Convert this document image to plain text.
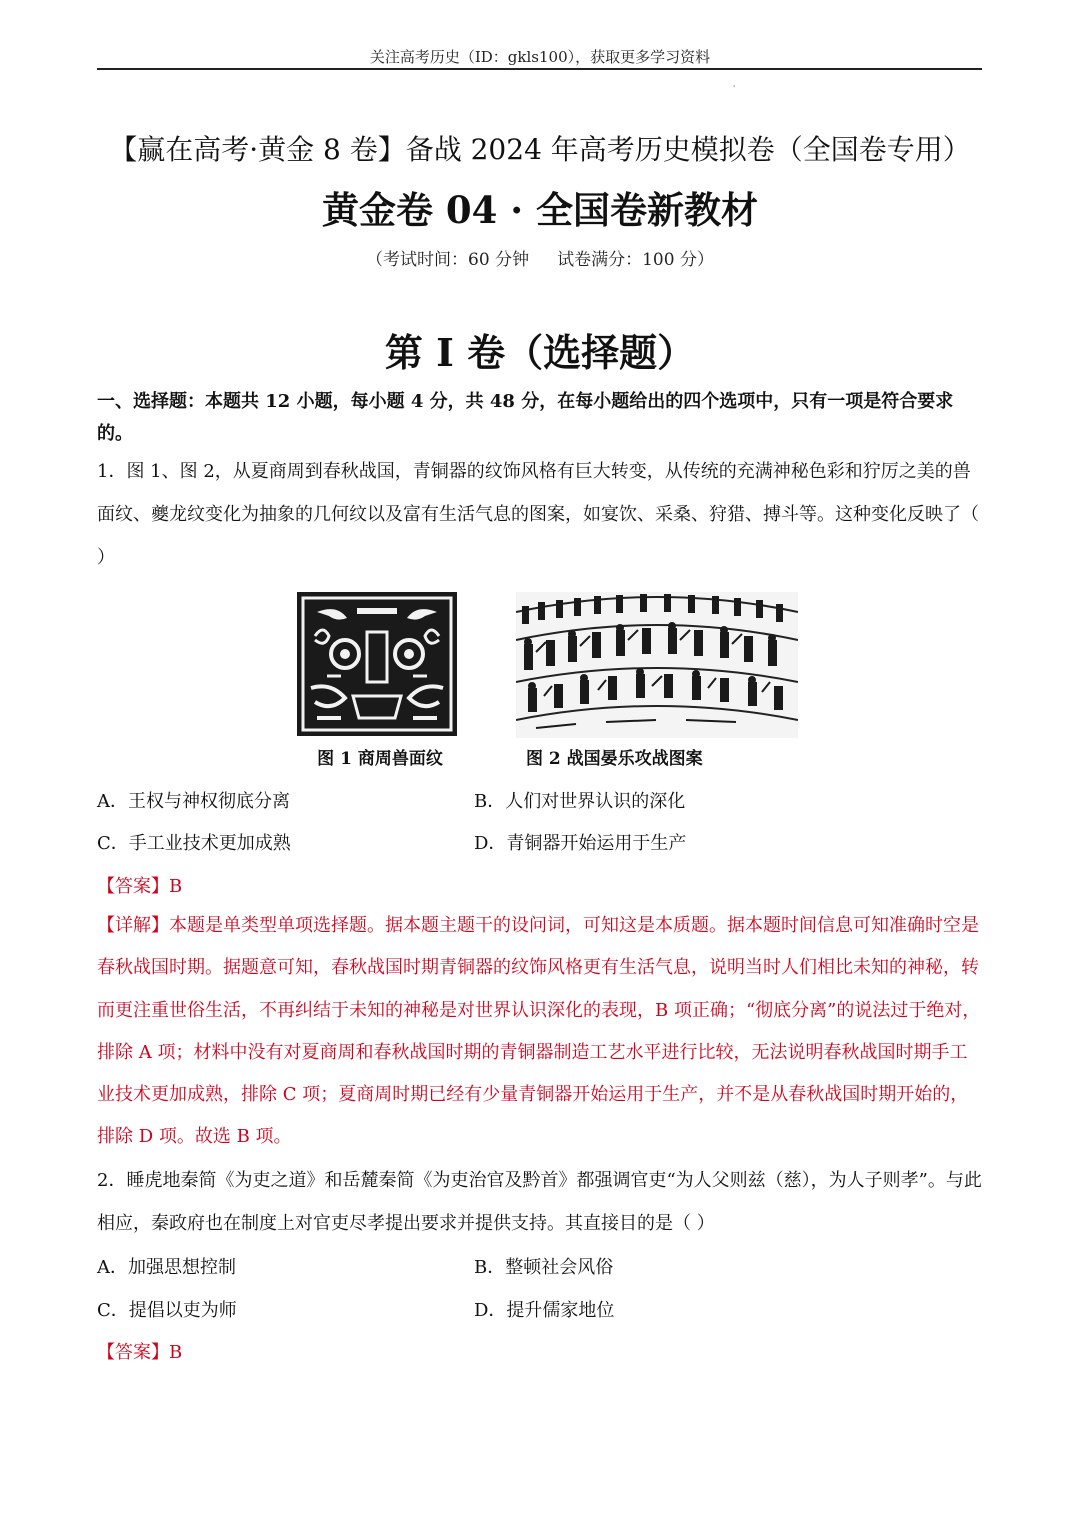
关注高考历史（ID：gkls100），获取更多学习资料
'
【赢在高考·黄金 8 卷】备战 2024 年高考历史模拟卷（全国卷专用）
黄金卷 04 · 全国卷新教材
（考试时间：60 分钟 试卷满分：100 分）
第 I 卷（选择题）
一、选择题：本题共 12 小题，每小题 4 分，共 48 分，在每小题给出的四个选项中，只有一项是符合要求的。
1．图 1、图 2，从夏商周到春秋战国，青铜器的纹饰风格有巨大转变，从传统的充满神秘色彩和狞厉之美的兽面纹、夔龙纹变化为抽象的几何纹以及富有生活气息的图案，如宴饮、采桑、狩猎、搏斗等。这种变化反映了（ ）
图 1 商周兽面纹	图 2 战国晏乐攻战图案
A．王权与神权彻底分离	B．人们对世界认识的深化
C．手工业技术更加成熟	D．青铜器开始运用于生产
【答案】B
【详解】本题是单类型单项选择题。据本题主题干的设问词，可知这是本质题。据本题时间信息可知准确时空是春秋战国时期。据题意可知，春秋战国时期青铜器的纹饰风格更有生活气息，说明当时人们相比未知的神秘，转而更注重世俗生活，不再纠结于未知的神秘是对世界认识深化的表现，B 项正确；“彻底分离”的说法过于绝对，排除 A 项；材料中没有对夏商周和春秋战国时期的青铜器制造工艺水平进行比较，无法说明春秋战国时期手工业技术更加成熟，排除 C 项；夏商周时期已经有少量青铜器开始运用于生产，并不是从春秋战国时期开始的，排除 D 项。故选 B 项。
2．睡虎地秦简《为吏之道》和岳麓秦简《为吏治官及黔首》都强调官吏“为人父则兹（慈），为人子则孝”。与此相应，秦政府也在制度上对官吏尽孝提出要求并提供支持。其直接目的是（ ）
A．加强思想控制	B．整顿社会风俗
C．提倡以吏为师	D．提升儒家地位
【答案】B
